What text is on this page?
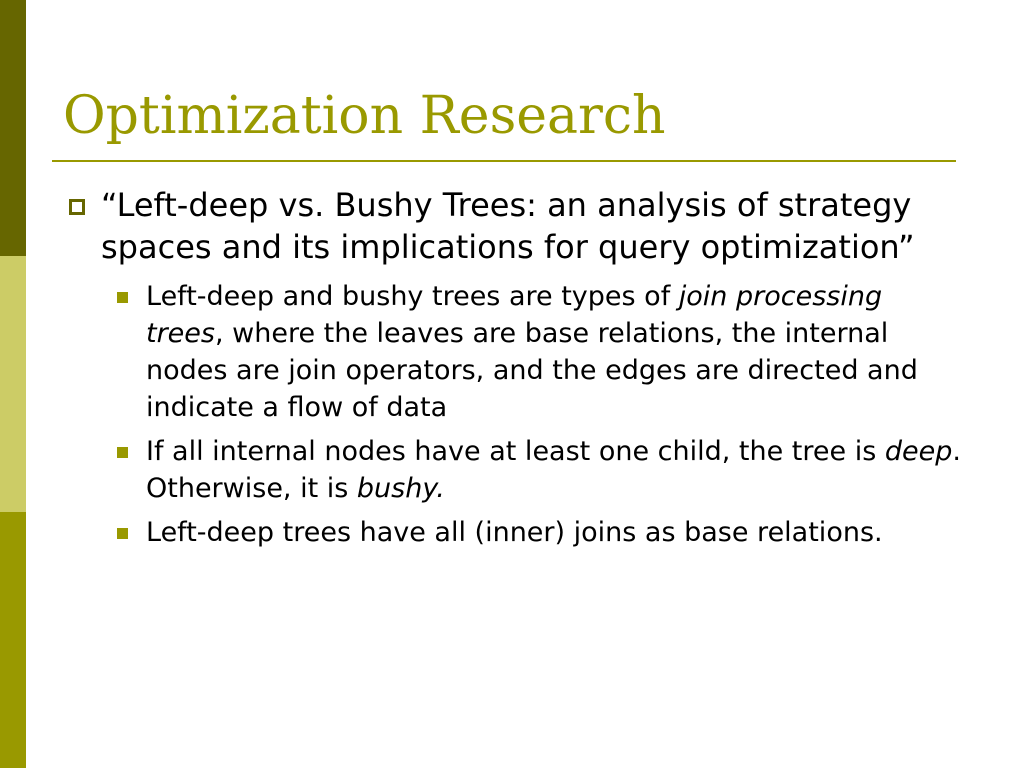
Optimization Research
“Left-deep vs. Bushy Trees: an analysis of strategy spaces and its implications for query optimization”
Left-deep and bushy trees are types of join processing trees, where the leaves are base relations, the internal nodes are join operators, and the edges are directed and indicate a flow of data
If all internal nodes have at least one child, the tree is deep. Otherwise, it is bushy.
Left-deep trees have all (inner) joins as base relations.
